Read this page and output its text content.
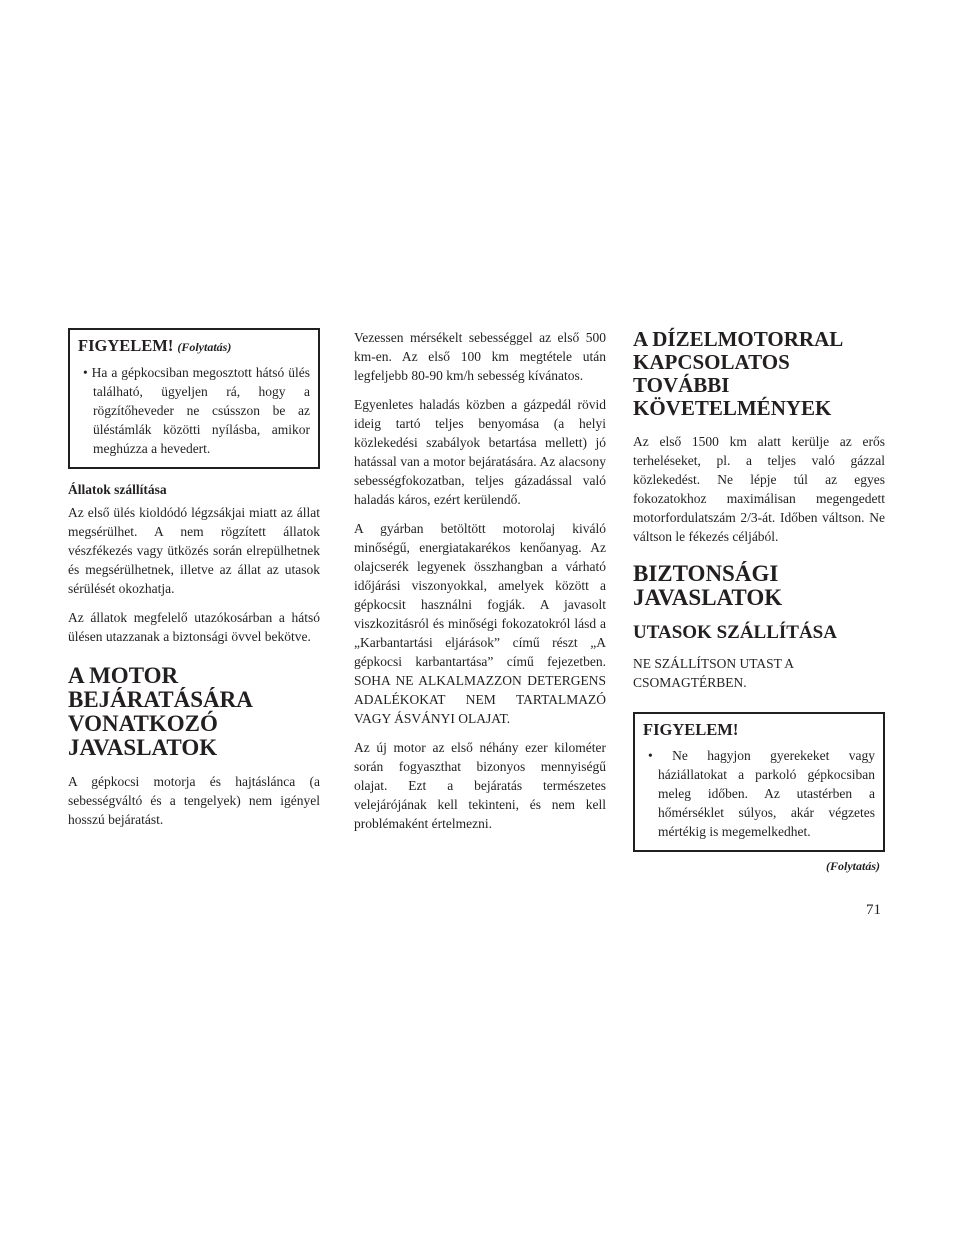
FIGYELEM! (Folytatás)
• Ha a gépkocsiban megosztott hátsó ülés található, ügyeljen rá, hogy a rögzítőheveder ne csússzon be az üléstámlák közötti nyílásba, amikor meghúzza a hevedert.
Állatok szállítása

Az első ülés kioldódó légzsákjai miatt az állat megsérülhet. A nem rögzített állatok vészfékezés vagy ütközés során elrepülhetnek és megsérülhetnek, illetve az állat az utasok sérülését okozhatja.

Az állatok megfelelő utazókosárban a hátsó ülésen utazzanak a biztonsági övvel bekötve.

A MOTOR
BEJÁRATÁSÁRA
VONATKOZÓ
JAVASLATOK

A gépkocsi motorja és hajtáslánca (a sebességváltó és a tengelyek) nem igényel hosszú bejáratást.

Vezessen mérsékelt sebességgel az első 500 km-en. Az első 100 km megtétele után legfeljebb 80-90 km/h sebesség kívánatos.

Egyenletes haladás közben a gázpedál rövid ideig tartó teljes benyomása (a helyi közlekedési szabályok betartása mellett) jó hatással van a motor bejáratására. Az alacsony sebességfokozatban, teljes gázadással való haladás káros, ezért kerülendő.

A gyárban betöltött motorolaj kiváló minőségű, energiatakarékos kenőanyag. Az olajcserék legyenek összhangban a várható időjárási viszonyokkal, amelyek között a gépkocsit használni fogják. A javasolt viszkozitásról és minőségi fokozatokról lásd a „Karbantartási eljárások” című részt „A gépkocsi karbantartása” című fejezetben. SOHA NE ALKALMAZZON DETERGENS ADALÉKOKAT NEM TARTALMAZÓ VAGY ÁSVÁNYI OLAJAT.

Az új motor az első néhány ezer kilométer során fogyaszthat bizonyos mennyiségű olajat. Ezt a bejáratás természetes velejárójának kell tekinteni, és nem kell problémaként értelmezni.

A DÍZELMOTORRAL
KAPCSOLATOS TOVÁBBI
KÖVETELMÉNYEK

Az első 1500 km alatt kerülje az erős terheléseket, pl. a teljes való gázzal közlekedést. Ne lépje túl az egyes fokozatokhoz maximálisan megengedett motorfordulatszám 2/3-át. Időben váltson. Ne váltson le fékezés céljából.

BIZTONSÁGI
JAVASLATOK
UTASOK SZÁLLÍTÁSA

NE SZÁLLÍTSON UTAST A CSOMAGTÉRBEN.

FIGYELEM!
• Ne hagyjon gyerekeket vagy háziállatokat a parkoló gépkocsiban meleg időben. Az utastérben a hőmérséklet súlyos, akár végzetes mértékig is megemelkedhet.
(Folytatás)
71
